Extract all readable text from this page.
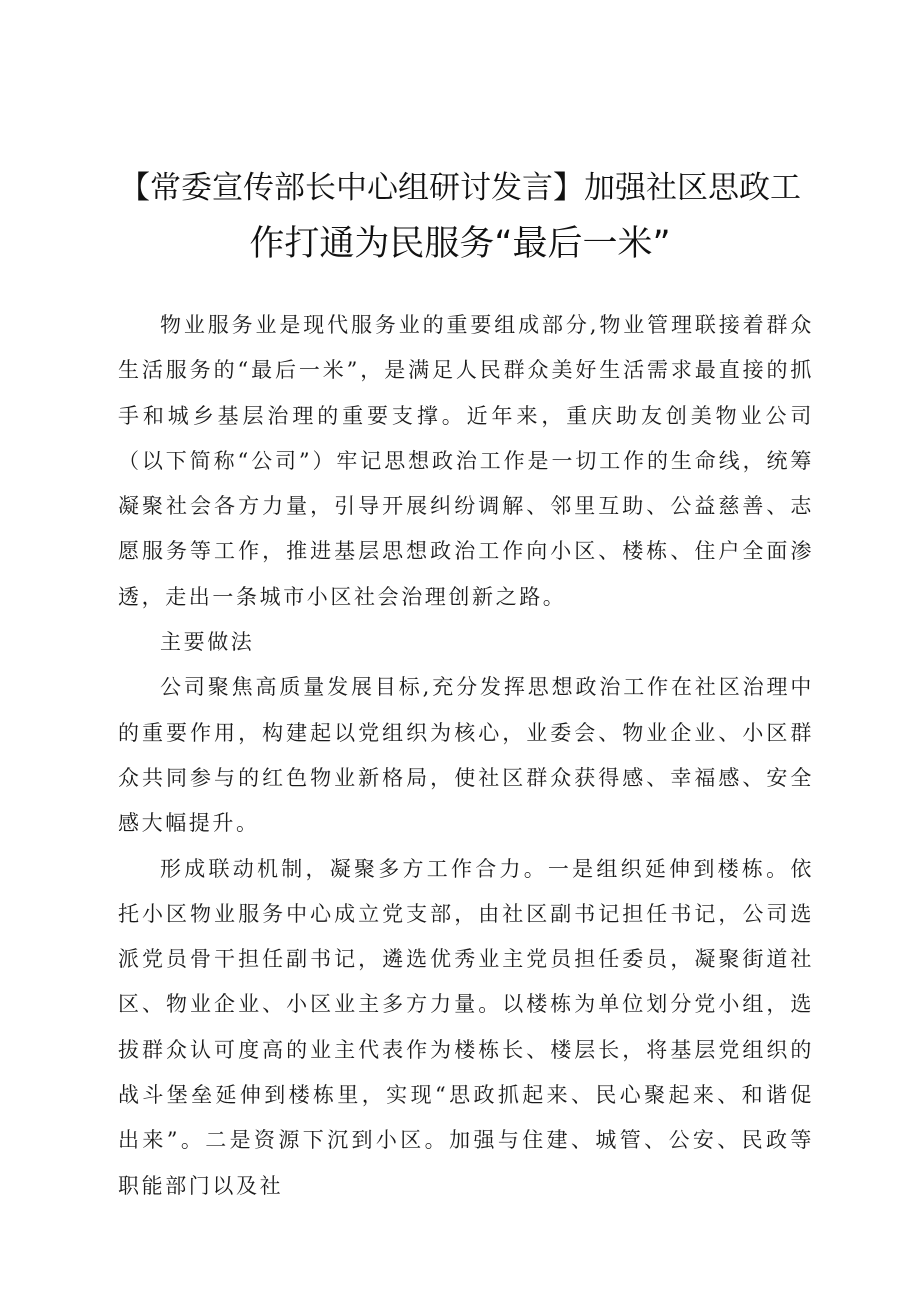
【常委宣传部长中心组研讨发言】加强社区思政工
作打通为民服务“最后一米”

物业服务业是现代服务业的重要组成部分,物业管理联接着群众生活服务的“最后一米”，是满足人民群众美好生活需求最直接的抓手和城乡基层治理的重要支撑。近年来，重庆助友创美物业公司（以下简称“公司”）牢记思想政治工作是一切工作的生命线，统筹凝聚社会各方力量，引导开展纠纷调解、邻里互助、公益慈善、志愿服务等工作，推进基层思想政治工作向小区、楼栋、住户全面渗透，走出一条城市小区社会治理创新之路。

主要做法

公司聚焦高质量发展目标,充分发挥思想政治工作在社区治理中的重要作用，构建起以党组织为核心，业委会、物业企业、小区群众共同参与的红色物业新格局，使社区群众获得感、幸福感、安全感大幅提升。

形成联动机制，凝聚多方工作合力。一是组织延伸到楼栋。依托小区物业服务中心成立党支部，由社区副书记担任书记，公司选派党员骨干担任副书记，遴选优秀业主党员担任委员，凝聚街道社区、物业企业、小区业主多方力量。以楼栋为单位划分党小组，选拔群众认可度高的业主代表作为楼栋长、楼层长，将基层党组织的战斗堡垒延伸到楼栋里，实现“思政抓起来、民心聚起来、和谐促出来”。二是资源下沉到小区。加强与住建、城管、公安、民政等职能部门以及社
